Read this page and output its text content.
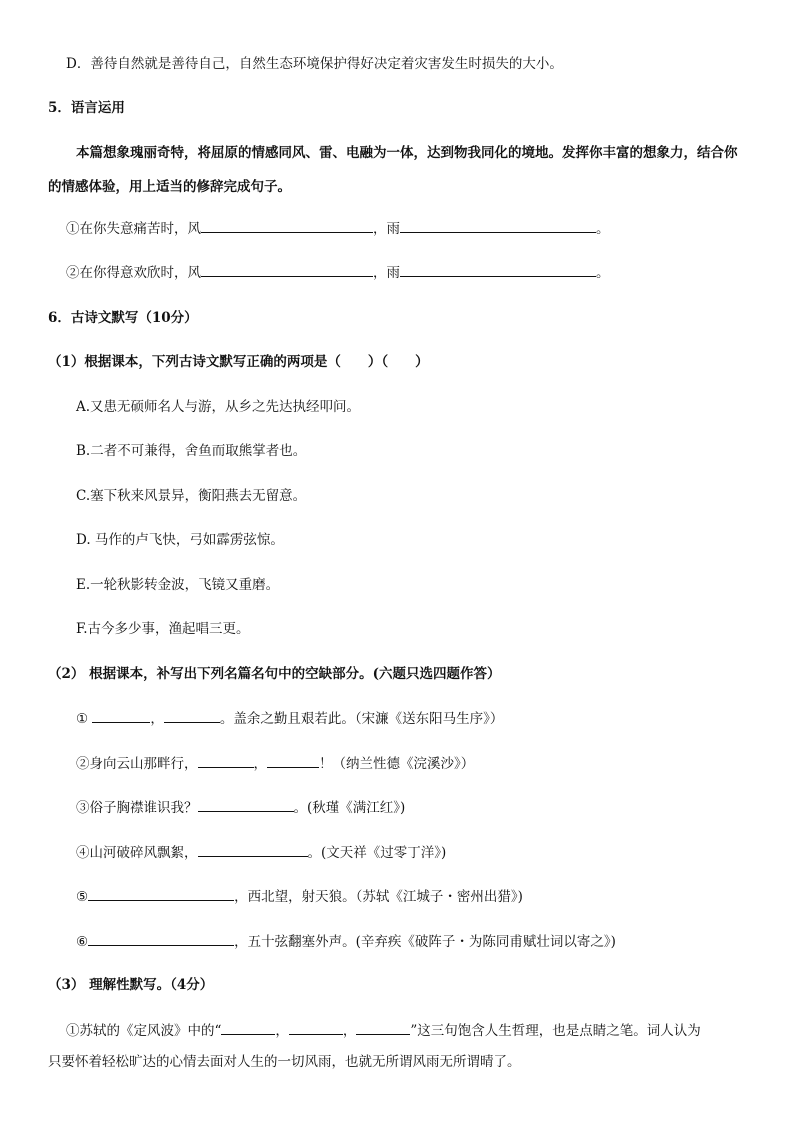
D．善待自然就是善待自己，自然生态环境保护得好决定着灾害发生时损失的大小。
5．语言运用
本篇想象瑰丽奇特，将屈原的情感同风、雷、电融为一体，达到物我同化的境地。发挥你丰富的想象力，结合你的情感体验，用上适当的修辞完成句子。
①在你失意痛苦时，风	，雨	。
②在你得意欢欣时，风	，雨	。
6．古诗文默写（10分）
（1）根据课本，下列古诗文默写正确的两项是（　　）（　　）
A.又患无硕师名人与游，从乡之先达执经叩问。
B.二者不可兼得，舍鱼而取熊掌者也。
C.塞下秋来风景异，衡阳燕去无留意。
D. 马作的卢飞快，弓如霹雳弦惊。
E.一轮秋影转金波，飞镜又重磨。
F.古今多少事，渔起唱三更。
（2） 根据课本，补写出下列名篇名句中的空缺部分。(六题只选四题作答）
①	，	。盖余之勤且艰若此。（宋濂《送东阳马生序》）
②身向云山那畔行，	，	！（纳兰性德《浣溪沙》）
③俗子胸襟谁识我？	。(秋瑾《满江红》)
④山河破碎风飘絮，	。(文天祥《过零丁洋》)
⑤	，西北望，射天狼。（苏轼《江城子・密州出猎》)
⑥	，五十弦翻塞外声。(辛弃疾《破阵子・为陈同甫赋壮词以寄之》)
（3） 理解性默写。（4分）
①苏轼的《定风波》中的“	，	，	”这三句饱含人生哲理，也是点睛之笔。词人认为
只要怀着轻松旷达的心情去面对人生的一切风雨，也就无所谓风雨无所谓晴了。
